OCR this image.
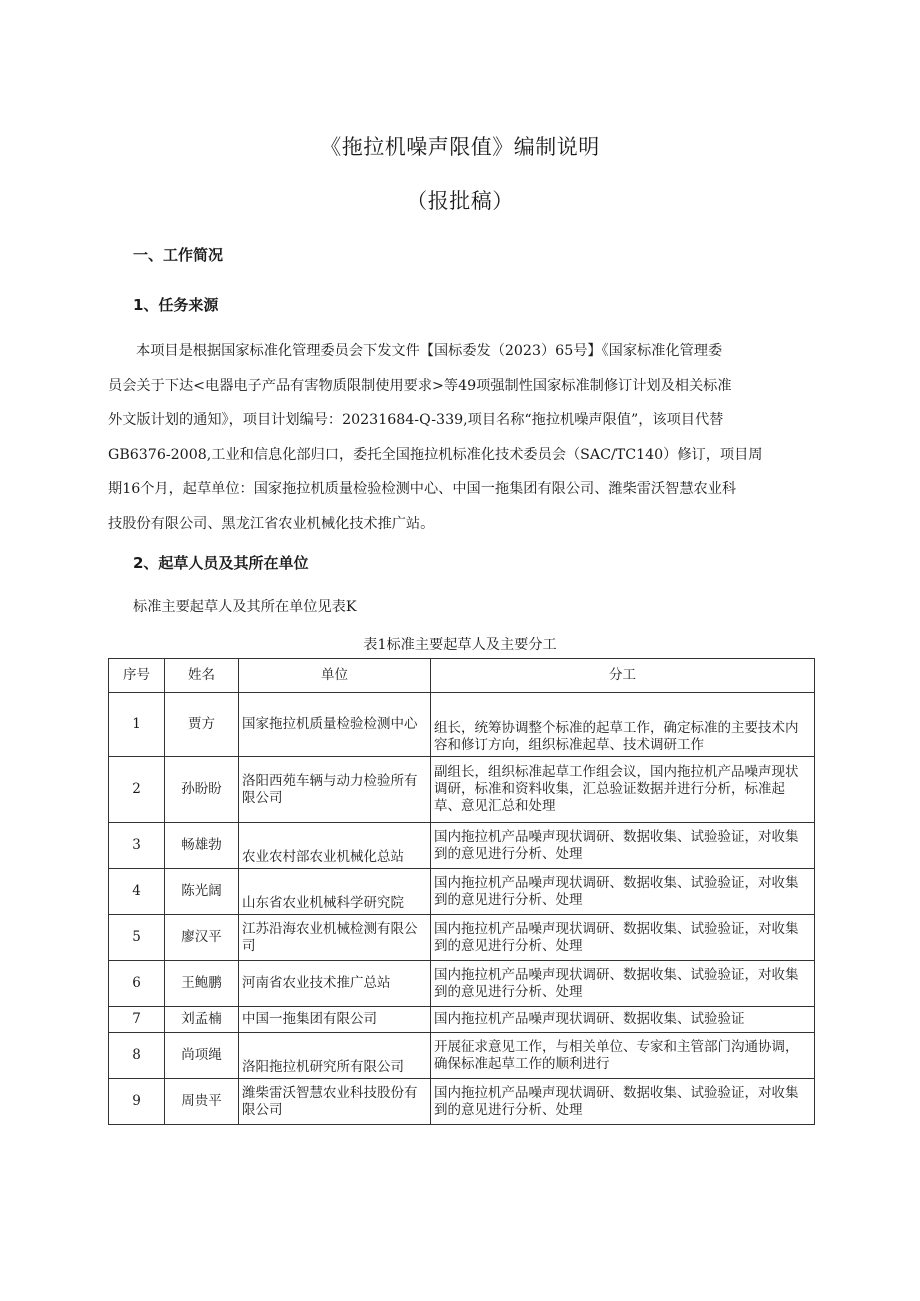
《拖拉机噪声限值》编制说明
（报批稿）
一、工作简况
1、任务来源
本项目是根据国家标准化管理委员会下发文件【国标委发（2023）65号】《国家标准化管理委
员会关于下达<电器电子产品有害物质限制使用要求>等49项强制性国家标准制修订计划及相关标准
外文版计划的通知》，项目计划编号：20231684-Q-339,项目名称“拖拉机噪声限值”，该项目代替
GB6376-2008,工业和信息化部归口，委托全国拖拉机标准化技术委员会（SAC/TC140）修订，项目周
期16个月，起草单位：国家拖拉机质量检验检测中心、中国一拖集团有限公司、潍柴雷沃智慧农业科
技股份有限公司、黑龙江省农业机械化技术推广站。
2、起草人员及其所在单位
标准主要起草人及其所在单位见表K
表1标准主要起草人及主要分工
序号	姓名	单位	分工
1	贾方	国家拖拉机质量检验检测中心	组长，统筹协调整个标准的起草工作，确定标准的主要技术内容和修订方向，组织标准起草、技术调研工作
2	孙盼盼	洛阳西苑车辆与动力检验所有限公司	副组长，组织标准起草工作组会议，国内拖拉机产品噪声现状调研，标准和资料收集，汇总验证数据并进行分析，标准起草、意见汇总和处理
3	畅雄勃	农业农村部农业机械化总站	国内拖拉机产品噪声现状调研、数据收集、试验验证，对收集到的意见进行分析、处理
4	陈光阔	山东省农业机械科学研究院	国内拖拉机产品噪声现状调研、数据收集、试验验证，对收集到的意见进行分析、处理
5	廖汉平	江苏沿海农业机械检测有限公司	国内拖拉机产品噪声现状调研、数据收集、试验验证，对收集到的意见进行分析、处理
6	王鲍鹏	河南省农业技术推广总站	国内拖拉机产品噪声现状调研、数据收集、试验验证，对收集到的意见进行分析、处理
7	刘孟楠	中国一拖集团有限公司	国内拖拉机产品噪声现状调研、数据收集、试验验证
8	尚项绳	洛阳拖拉机研究所有限公司	开展征求意见工作，与相关单位、专家和主管部门沟通协调，确保标准起草工作的顺利进行
9	周贵平	潍柴雷沃智慧农业科技股份有限公司	国内拖拉机产品噪声现状调研、数据收集、试验验证，对收集到的意见进行分析、处理
